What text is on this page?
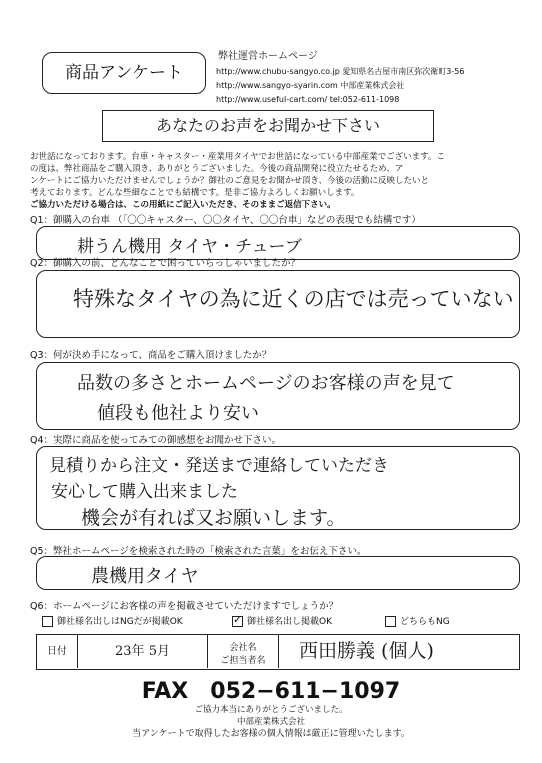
商品アンケート
弊社運営ホームページ
http://www.chubu-sangyo.co.jp 愛知県名古屋市南区弥次衛町3-56
http://www.sangyo-syarin.com 中部産業株式会社
http://www.useful-cart.com/ tel:052-611-1098
あなたのお声をお聞かせ下さい
お世話になっております。台車・キャスター・産業用タイヤでお世話になっている中部産業でございます。こ
の度は、弊社商品をご購入頂き、ありがとうございました。今後の商品開発に役立たせるため、ア
ンケートにご協力いただけませんでしょうか？御社のご意見をお聞かせ頂き、今後の活動に反映したいと
考えております。どんな些細なことでも結構です。是非ご協力よろしくお願いします。
ご協力いただける場合は、この用紙にご記入いただき、そのままご返信下さい。
Q1：御購入の台車 （「〇〇キャスター、〇〇タイヤ、〇〇台車」などの表現でも結構です）
耕うん機用 タイヤ・チューブ
Q2：御購入の前、どんなことで困っていらっしゃいましたか？
特殊なタイヤの為に近くの店では売っていない
Q3：何が決め手になって、商品をご購入頂けましたか？
品数の多さとホームページのお客様の声を見て
値段も他社より安い
Q4：実際に商品を使ってみての御感想をお聞かせ下さい。
見積りから注文・発送まで連絡していただき
安心して購入出来ました
機会が有れば又お願いします。
Q5：弊社ホームページを検索された時の「検索された言葉」をお伝え下さい。
農機用タイヤ
Q6：ホームページにお客様の声を掲載させていただけますでしょうか？
御社様名出しはNGだが掲載OK
✓	御社様名出し掲載OK	どちらもNG
日付	23年 5月	会社名
ご担当者名	西田勝義 (個人)
FAX　052−611−1097
ご協力本当にありがとうございました。
中部産業株式会社
当アンケートで取得したお客様の個人情報は厳正に管理いたします。
